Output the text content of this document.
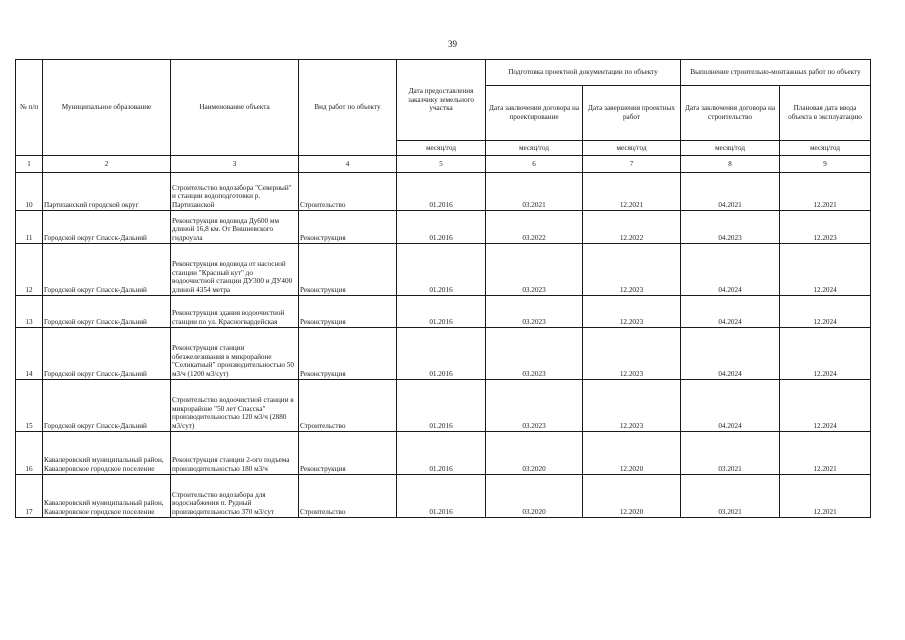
39
№ п/п	Муниципальное образование	Наименование объекта	Вид работ по объекту	Дата предоставления заказчику земельного участка	Подготовка проектной документации по объекту		Выполнение строительно-монтажных работ по объекту	
					Дата заключения договора на проектирование	Дата завершения проектных работ	Дата заключения договора на строительство	Плановая дата ввода объекта в эксплуатацию
				месяц/год	месяц/год	месяц/год	месяц/год	месяц/год
1	2	3	4	5	6	7	8	9
10	Партизанский городской округ	Строительство водозабора "Северный" и станции водоподготовки р. Партизанской	Строительство	01.2016	03.2021	12.2021	04.2021	12.2021
11	Городской округ Спасск-Дальний	Реконструкция водовода Ду600 мм длиной 16,8 км. От Вишневского гидроузла	Реконструкция	01.2016	03.2022	12.2022	04.2023	12.2023
12	Городской округ Спасск-Дальний	Реконструкция водовода от насосной станции "Красный кут" до водоочистной станции ДУ300 и ДУ400 длиной 4354 метра	Реконструкция	01.2016	03.2023	12.2023	04.2024	12.2024
13	Городской округ Спасск-Дальний	Реконструкция здания водоочистной станции по ул. Красногвардейская	Реконструкция	01.2016	03.2023	12.2023	04.2024	12.2024
14	Городской округ Спасск-Дальний	Реконструкция станции обезжелезивания в микрорайоне "Селикатный" производительностью 50 м3/ч (1200 м3/сут)	Реконструкция	01.2016	03.2023	12.2023	04.2024	12.2024
15	Городской округ Спасск-Дальний	Строительство водоочистной станции в микрорайоне "50 лет Спасска" производительностью 120 м3/ч (2880 м3/сут)	Строительство	01.2016	03.2023	12.2023	04.2024	12.2024
16	Кавалеровский муниципальный район, Кавалеровское городское поселение	Реконструкция станции 2-ого подъема производительностью 180 м3/ч	Реконструкция	01.2016	03.2020	12.2020	03.2021	12.2021
17	Кавалеровский муниципальный район, Кавалеровское городское поселение	Строительство водозабора для водоснабжения п. Рудный производительностью 370 м3/сут	Строительство	01.2016	03.2020	12.2020	03.2021	12.2021
